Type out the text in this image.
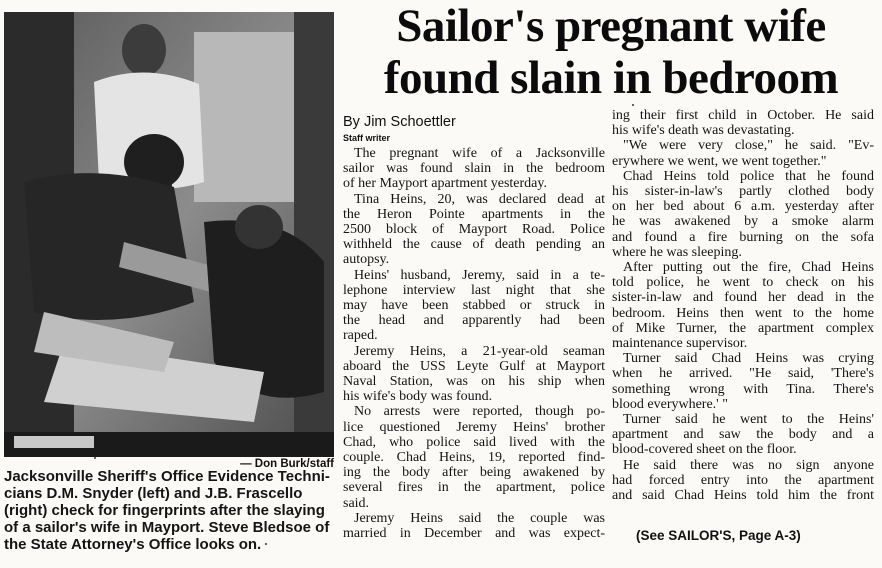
— Don Burk/staff
Jacksonville Sheriff's Office Evidence Techni-
cians D.M. Snyder (left) and J.B. Frascello
(right) check for fingerprints after the slaying
of a sailor's wife in Mayport. Steve Bledsoe of
the State Attorney's Office looks on.
Sailor's pregnant wife
found slain in bedroom
By Jim Schoettler
Staff writer
The pregnant wife of a Jacksonville
sailor was found slain in the bedroom
of her Mayport apartment yesterday.
Tina Heins, 20, was declared dead at
the Heron Pointe apartments in the
2500 block of Mayport Road. Police
withheld the cause of death pending an
autopsy.
Heins' husband, Jeremy, said in a te-
lephone interview last night that she
may have been stabbed or struck in
the head and apparently had been
raped.
Jeremy Heins, a 21-year-old seaman
aboard the USS Leyte Gulf at Mayport
Naval Station, was on his ship when
his wife's body was found.
No arrests were reported, though po-
lice questioned Jeremy Heins' brother
Chad, who police said lived with the
couple. Chad Heins, 19, reported find-
ing the body after being awakened by
several fires in the apartment, police
said.
Jeremy Heins said the couple was
married in December and was expect-
ing their first child in October. He said
his wife's death was devastating.
"We were very close," he said. "Ev-
erywhere we went, we went together."
Chad Heins told police that he found
his sister-in-law's partly clothed body
on her bed about 6 a.m. yesterday after
he was awakened by a smoke alarm
and found a fire burning on the sofa
where he was sleeping.
After putting out the fire, Chad Heins
told police, he went to check on his
sister-in-law and found her dead in the
bedroom. Heins then went to the home
of Mike Turner, the apartment complex
maintenance supervisor.
Turner said Chad Heins was crying
when he arrived. "He said, 'There's
something wrong with Tina. There's
blood everywhere.' "
Turner said he went to the Heins'
apartment and saw the body and a
blood-covered sheet on the floor.
He said there was no sign anyone
had forced entry into the apartment
and said Chad Heins told him the front
(See SAILOR'S, Page A-3)
